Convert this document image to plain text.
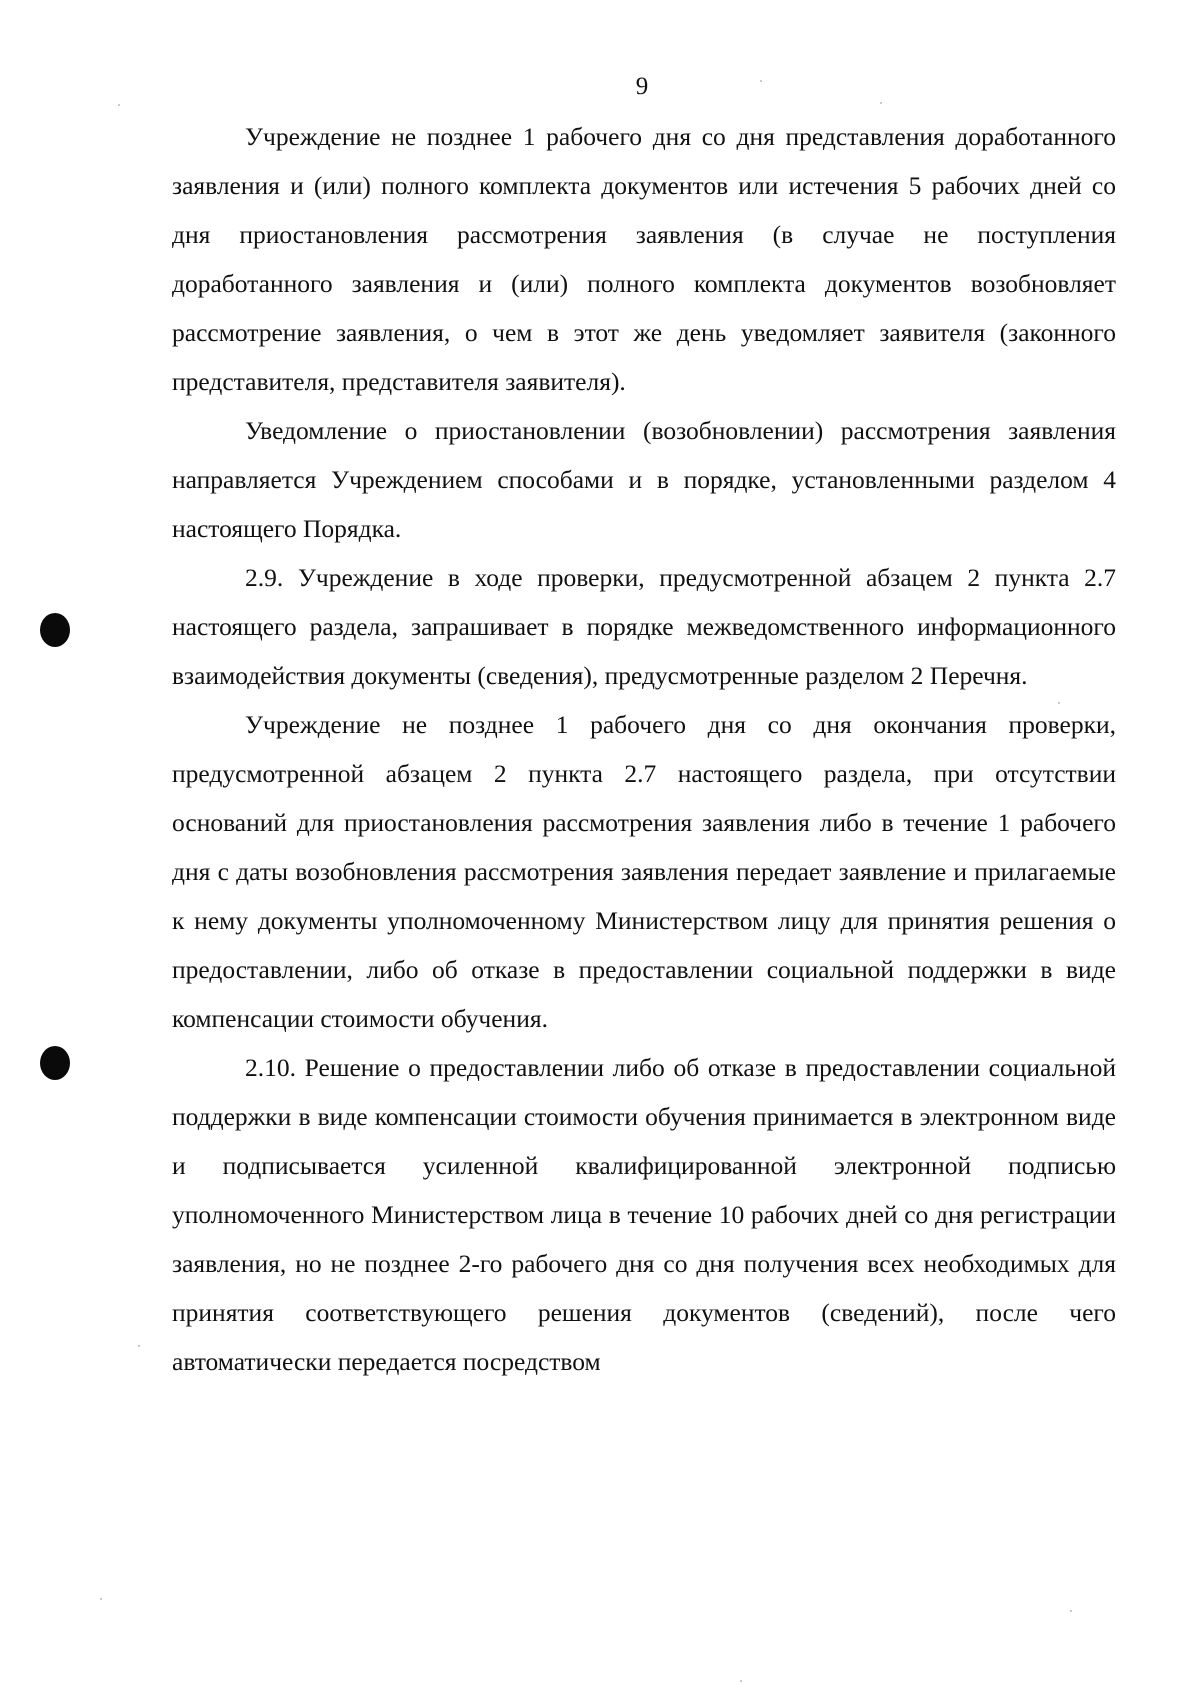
9

Учреждение не позднее 1 рабочего дня со дня представления доработанного заявления и (или) полного комплекта документов или истечения 5 рабочих дней со дня приостановления рассмотрения заявления (в случае не поступления доработанного заявления и (или) полного комплекта документов возобновляет рассмотрение заявления, о чем в этот же день уведомляет заявителя (законного представителя, представителя заявителя).

Уведомление о приостановлении (возобновлении) рассмотрения заявления направляется Учреждением способами и в порядке, установленными разделом 4 настоящего Порядка.

2.9. Учреждение в ходе проверки, предусмотренной абзацем 2 пункта 2.7 настоящего раздела, запрашивает в порядке межведомственного информационного взаимодействия документы (сведения), предусмотренные разделом 2 Перечня.

Учреждение не позднее 1 рабочего дня со дня окончания проверки, предусмотренной абзацем 2 пункта 2.7 настоящего раздела, при отсутствии оснований для приостановления рассмотрения заявления либо в течение 1 рабочего дня с даты возобновления рассмотрения заявления передает заявление и прилагаемые к нему документы уполномоченному Министерством лицу для принятия решения о предоставлении, либо об отказе в предоставлении социальной поддержки в виде компенсации стоимости обучения.

2.10. Решение о предоставлении либо об отказе в предоставлении социальной поддержки в виде компенсации стоимости обучения принимается в электронном виде и подписывается усиленной квалифицированной электронной подписью уполномоченного Министерством лица в течение 10 рабочих дней со дня регистрации заявления, но не позднее 2-го рабочего дня со дня получения всех необходимых для принятия соответствующего решения документов (сведений), после чего автоматически передается посредством
